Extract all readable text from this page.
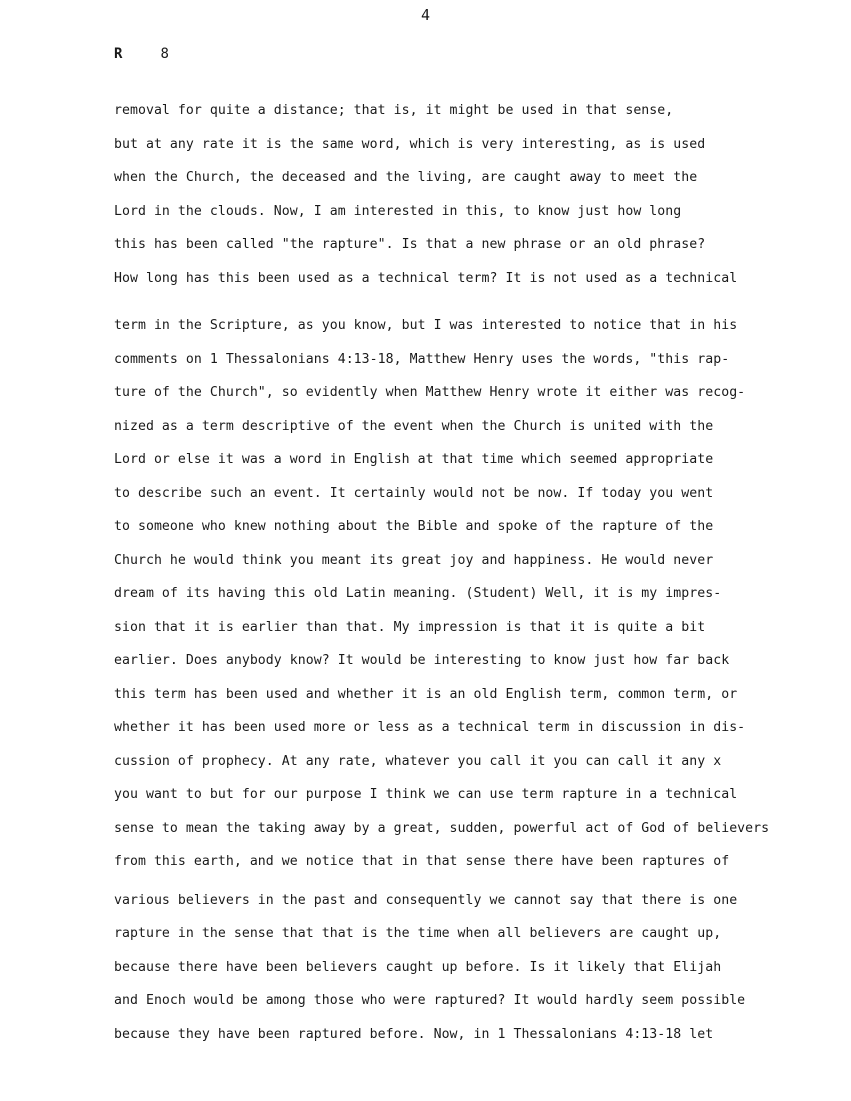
4
R	8
removal for quite a distance; that is, it might be used in that sense,
but at any rate it is the same word, which is very interesting, as is used
when the Church, the deceased and the living, are caught away to meet the
Lord in the clouds. Now, I am interested in this, to know just how long
this has been called "the rapture". Is that a new phrase or an old phrase?
How long has this been used as a technical term? It is not used as a technical
term in the Scripture, as you know, but I was interested to notice that in his
comments on 1 Thessalonians 4:13-18, Matthew Henry uses the words, "this rap-
ture of the Church", so evidently when Matthew Henry wrote it either was recog-
nized as a term descriptive of the event when the Church is united with the
Lord or else it was a word in English at that time which seemed appropriate
to describe such an event. It certainly would not be now. If today you went
to someone who knew nothing about the Bible and spoke of the rapture of the
Church he would think you meant its great joy and happiness. He would never
dream of its having this old Latin meaning. (Student) Well, it is my impres-
sion that it is earlier than that. My impression is that it is quite a bit
earlier. Does anybody know? It would be interesting to know just how far back
this term has been used and whether it is an old English term, common term, or
whether it has been used more or less as a technical term in discussion in dis-
cussion of prophecy. At any rate, whatever you call it you can call it any x
you want to but for our purpose I think we can use term rapture in a technical
sense to mean the taking away by a great, sudden, powerful act of God of believers
from this earth, and we notice that in that sense there have been raptures of
various believers in the past and consequently we cannot say that there is one
rapture in the sense that that is the time when all believers are caught up,
because there have been believers caught up before. Is it likely that Elijah
and Enoch would be among those who were raptured? It would hardly seem possible
because they have been raptured before. Now, in 1 Thessalonians 4:13-18 let
